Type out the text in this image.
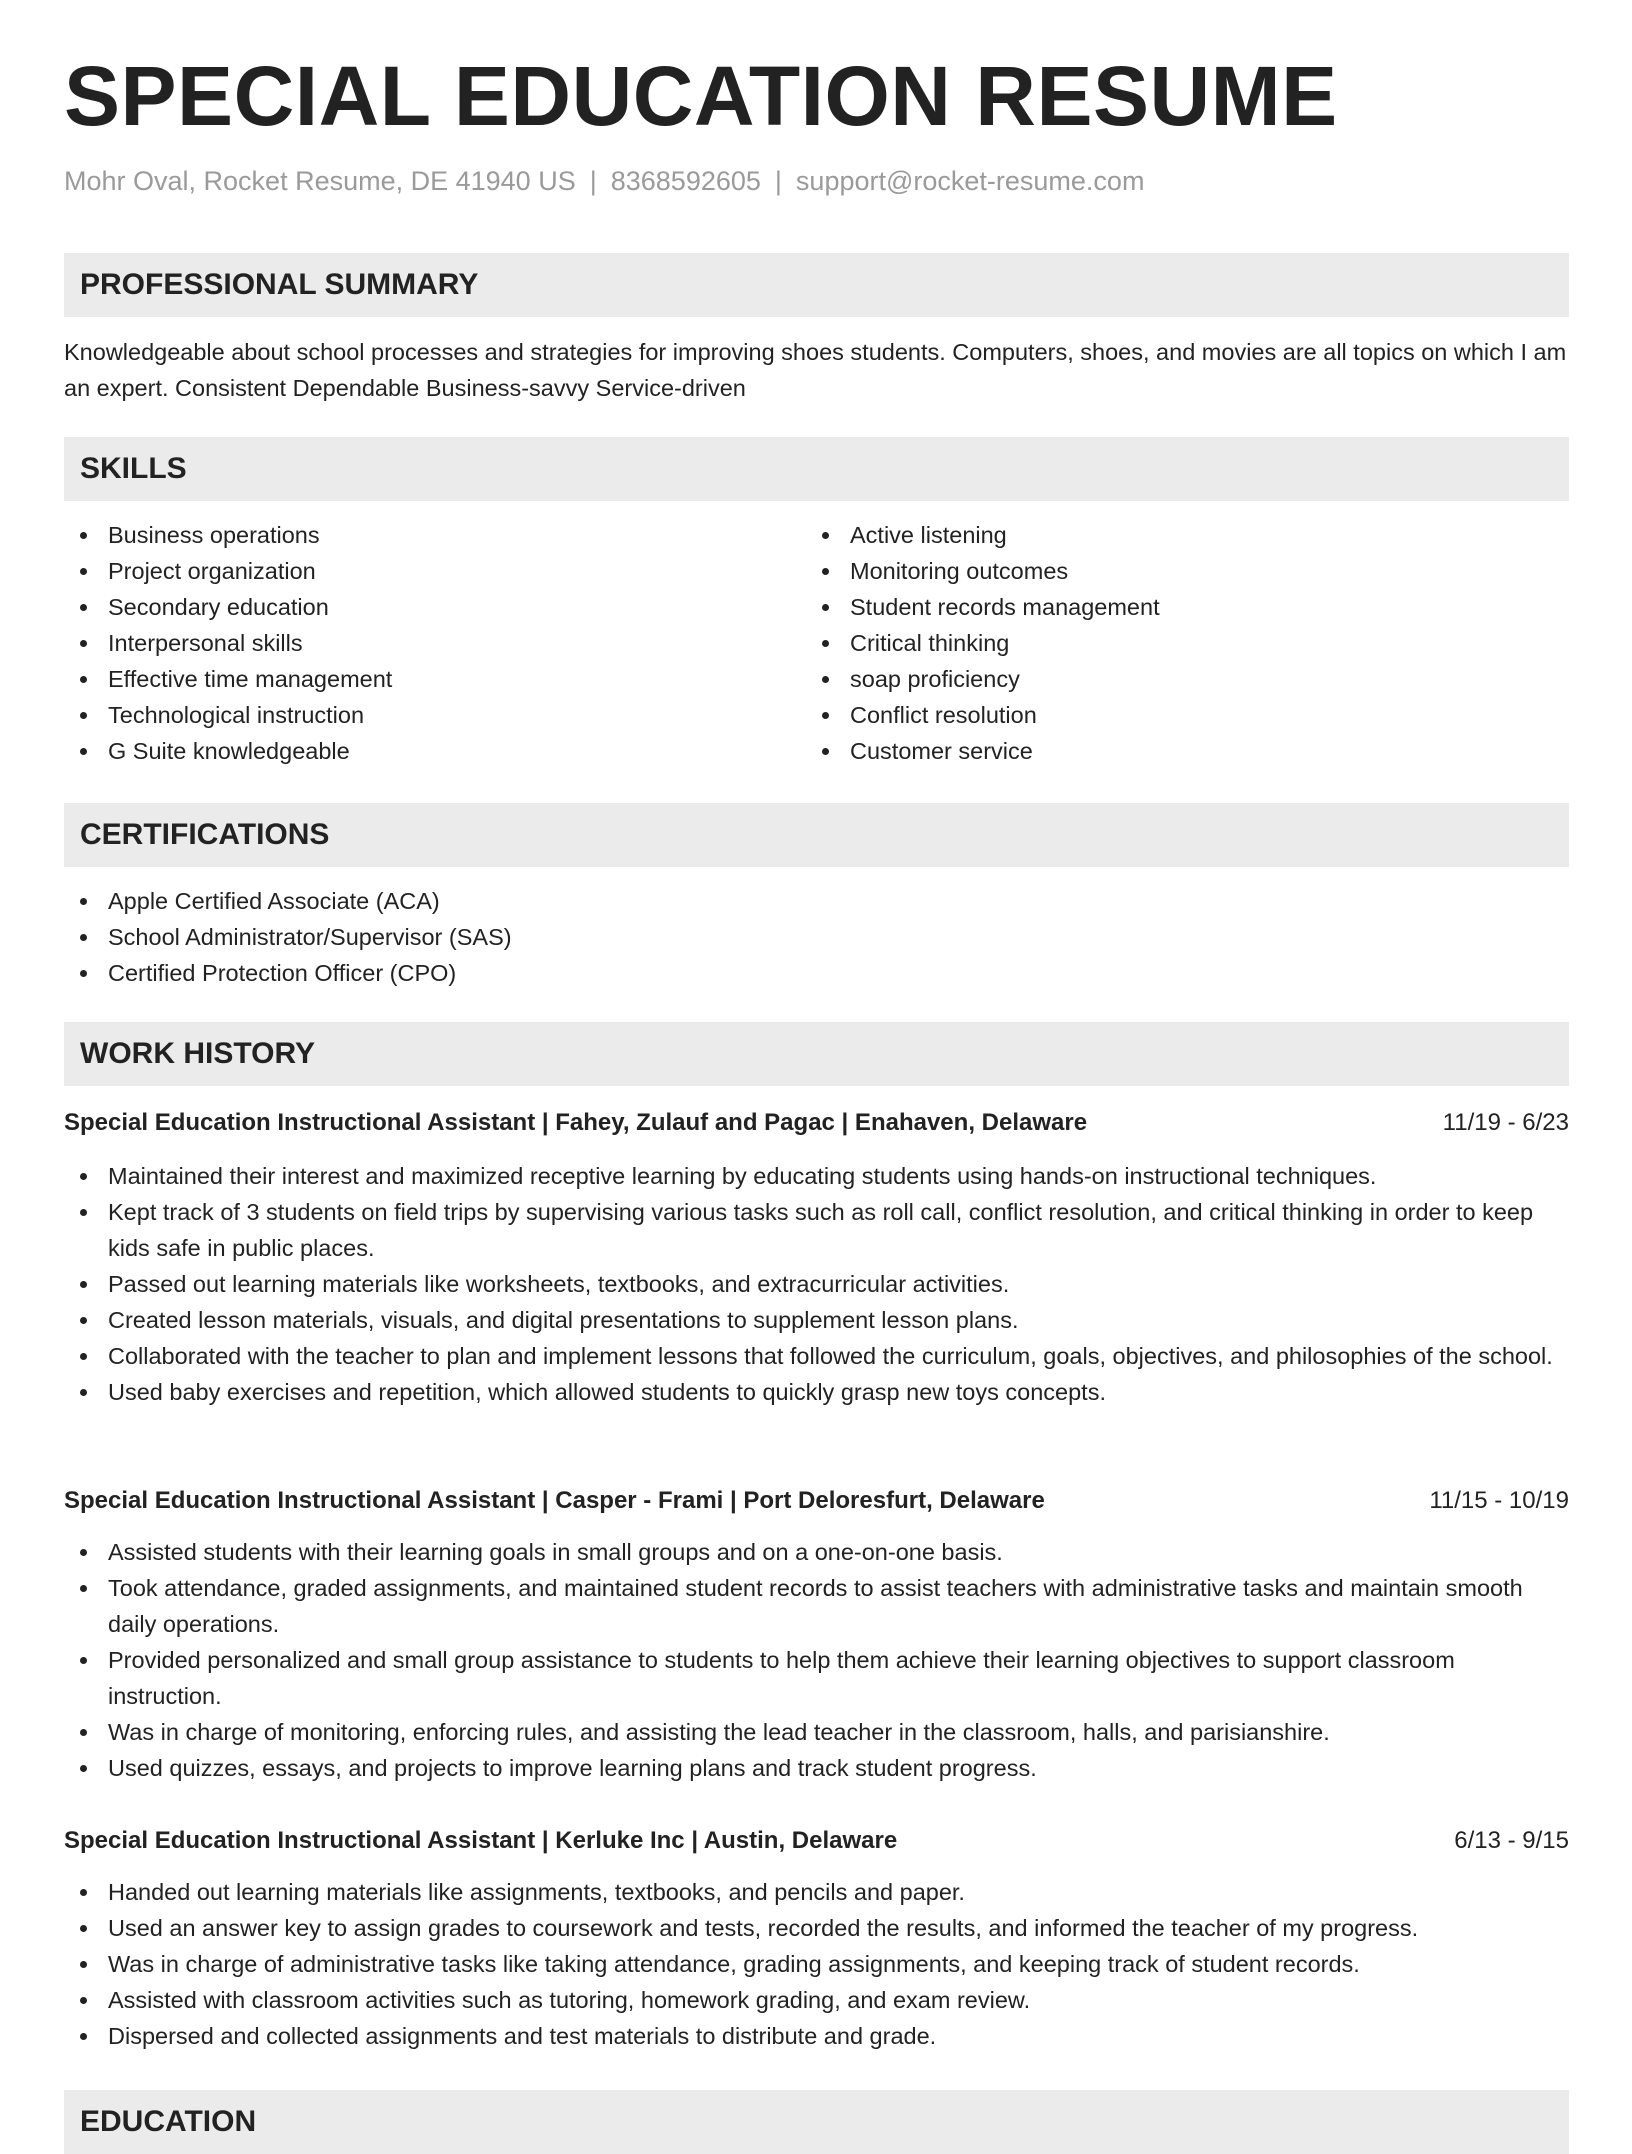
SPECIAL EDUCATION RESUME
Mohr Oval, Rocket Resume, DE 41940 US | 8368592605 | support@rocket-resume.com
PROFESSIONAL SUMMARY

Knowledgeable about school processes and strategies for improving shoes students. Computers, shoes, and movies are all topics on which I am an expert. Consistent Dependable Business-savvy Service-driven

SKILLS
Business operations
Project organization
Secondary education
Interpersonal skills
Effective time management
Technological instruction
G Suite knowledgeable
Active listening
Monitoring outcomes
Student records management
Critical thinking
soap proficiency
Conflict resolution
Customer service
CERTIFICATIONS
Apple Certified Associate (ACA)
School Administrator/Supervisor (SAS)
Certified Protection Officer (CPO)
WORK HISTORY
Special Education Instructional Assistant | Fahey, Zulauf and Pagac | Enahaven, Delaware	11/19 - 6/23
Maintained their interest and maximized receptive learning by educating students using hands-on instructional techniques.
Kept track of 3 students on field trips by supervising various tasks such as roll call, conflict resolution, and critical thinking in order to keep kids safe in public places.
Passed out learning materials like worksheets, textbooks, and extracurricular activities.
Created lesson materials, visuals, and digital presentations to supplement lesson plans.
Collaborated with the teacher to plan and implement lessons that followed the curriculum, goals, objectives, and philosophies of the school.
Used baby exercises and repetition, which allowed students to quickly grasp new toys concepts.
Special Education Instructional Assistant | Casper - Frami | Port Deloresfurt, Delaware	11/15 - 10/19
Assisted students with their learning goals in small groups and on a one-on-one basis.
Took attendance, graded assignments, and maintained student records to assist teachers with administrative tasks and maintain smooth daily operations.
Provided personalized and small group assistance to students to help them achieve their learning objectives to support classroom instruction.
Was in charge of monitoring, enforcing rules, and assisting the lead teacher in the classroom, halls, and parisianshire.
Used quizzes, essays, and projects to improve learning plans and track student progress.
Special Education Instructional Assistant | Kerluke Inc | Austin, Delaware	6/13 - 9/15
Handed out learning materials like assignments, textbooks, and pencils and paper.
Used an answer key to assign grades to coursework and tests, recorded the results, and informed the teacher of my progress.
Was in charge of administrative tasks like taking attendance, grading assignments, and keeping track of student records.
Assisted with classroom activities such as tutoring, homework grading, and exam review.
Dispersed and collected assignments and test materials to distribute and grade.
EDUCATION
